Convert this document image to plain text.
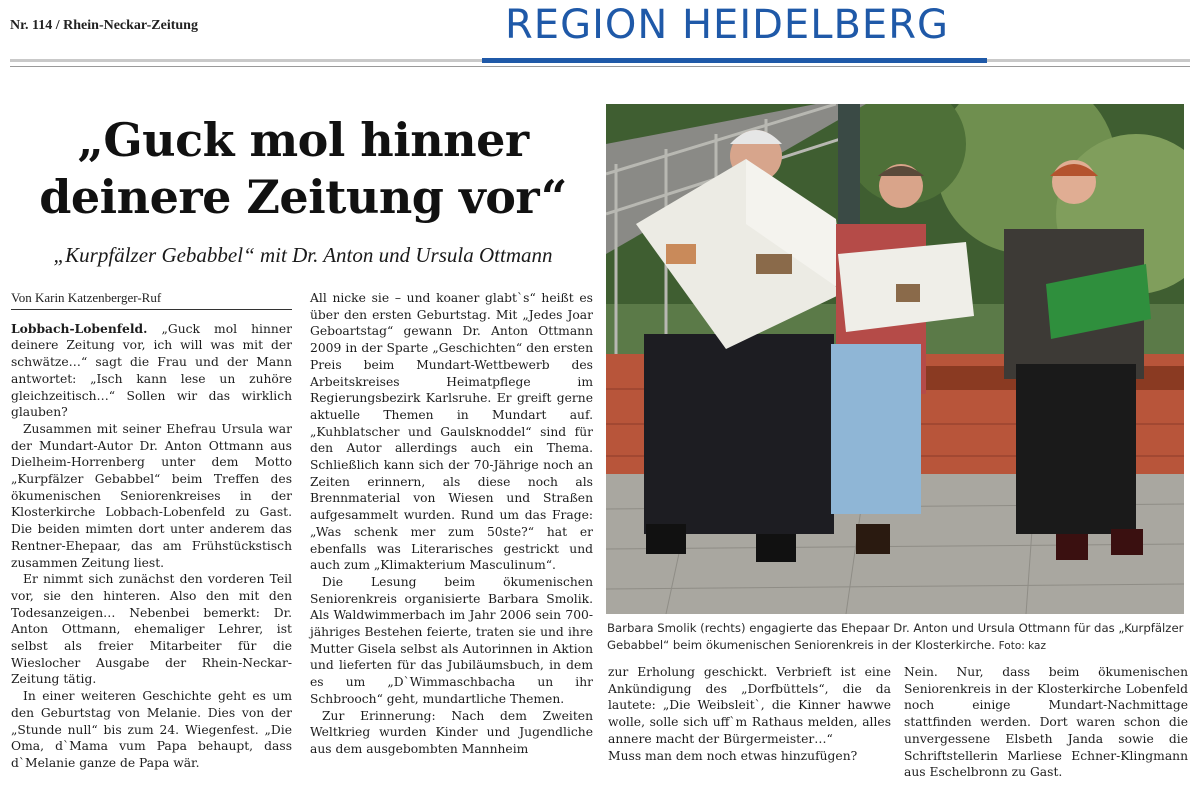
Nr. 114 / Rhein-Neckar-Zeitung	REGION HEIDELBERG
„Guck mol hinner
deinere Zeitung vor“

„Kurpfälzer Gebabbel“ mit Dr. Anton und Ursula Ottmann

Von Karin Katzenberger-Ruf

Lobbach-Lobenfeld. „Guck mol hinner deinere Zeitung vor, ich will was mit der schwätze…“ sagt die Frau und der Mann antwortet: „Isch kann lese un zuhöre gleichzeitisch…“ Sollen wir das wirklich glauben?

Zusammen mit seiner Ehefrau Ursula war der Mundart-Autor Dr. Anton Ottmann aus Dielheim-Horrenberg unter dem Motto „Kurpfälzer Gebabbel“ beim Treffen des ökumenischen Seniorenkreises in der Klosterkirche Lobbach-Lobenfeld zu Gast. Die beiden mimten dort unter anderem das Rentner-Ehepaar, das am Frühstückstisch zusammen Zeitung liest.

Er nimmt sich zunächst den vorderen Teil vor, sie den hinteren. Also den mit den Todesanzeigen… Nebenbei bemerkt: Dr. Anton Ottmann, ehemaliger Lehrer, ist selbst als freier Mitarbeiter für die Wieslocher Ausgabe der Rhein-Neckar-Zeitung tätig.

In einer weiteren Geschichte geht es um den Geburtstag von Melanie. Dies von der „Stunde null“ bis zum 24. Wiegenfest. „Die Oma, d`Mama vum Papa behaupt, dass d`Melanie ganze de Papa wär.

All nicke sie – und koaner glabt`s“ heißt es über den ersten Geburtstag. Mit „Jedes Joar Geboartstag“ gewann Dr. Anton Ottmann 2009 in der Sparte „Geschichten“ den ersten Preis beim Mundart-Wettbewerb des Arbeitskreises Heimatpflege im Regierungsbezirk Karlsruhe. Er greift gerne aktuelle Themen in Mundart auf. „Kuhblatscher und Gaulsknoddel“ sind für den Autor allerdings auch ein Thema. Schließlich kann sich der 70-Jährige noch an Zeiten erinnern, als diese noch als Brennmaterial von Wiesen und Straßen aufgesammelt wurden. Rund um das Frage: „Was schenk mer zum 50ste?“ hat er ebenfalls was Literarisches gestrickt und auch zum „Klimakterium Masculinum“.

Die Lesung beim ökumenischen Seniorenkreis organisierte Barbara Smolik. Als Waldwimmerbach im Jahr 2006 sein 700-jähriges Bestehen feierte, traten sie und ihre Mutter Gisela selbst als Autorinnen in Aktion und lieferten für das Jubiläumsbuch, in dem es um „D`Wimmaschbacha un ihr Schbrooch“ geht, mundartliche Themen.

Zur Erinnerung: Nach dem Zweiten Weltkrieg wurden Kinder und Jugendliche aus dem ausgebombten Mannheim

Barbara Smolik (rechts) engagierte das Ehepaar Dr. Anton und Ursula Ottmann für das „Kurpfälzer Gebabbel“ beim ökumenischen Seniorenkreis in der Klosterkirche. Foto: kaz

zur Erholung geschickt. Verbrieft ist eine Ankündigung des „Dorfbüttels“, die da lautete: „Die Weibsleit`, die Kinner hawwe wolle, solle sich uff`m Rathaus melden, alles annere macht der Bürgermeister…“

Muss man dem noch etwas hinzufügen?

Nein. Nur, dass beim ökumenischen Seniorenkreis in der Klosterkirche Lobenfeld noch einige Mundart-Nachmittage stattfinden werden. Dort waren schon die unvergessene Elsbeth Janda sowie die Schriftstellerin Marliese Echner-Klingmann aus Eschelbronn zu Gast.
